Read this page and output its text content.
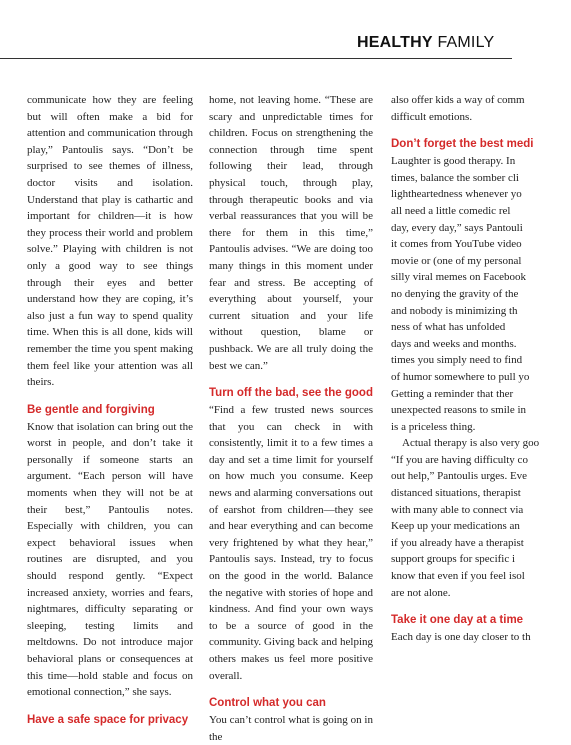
HEALTHY FAMILY

communicate how they are feeling but will often make a bid for attention and communication through play,” Pantoulis says. “Don’t be surprised to see themes of illness, doctor visits and isolation. Understand that play is cathartic and important for children—it is how they process their world and problem solve.” Playing with children is not only a good way to see things through their eyes and better understand how they are coping, it’s also just a fun way to spend quality time. When this is all done, kids will remember the time you spent making them feel like your attention was all theirs.

Be gentle and forgiving

Know that isolation can bring out the worst in people, and don’t take it personally if someone starts an argument. “Each person will have moments when they will not be at their best,” Pantoulis notes. Especially with children, you can expect behavioral issues when routines are disrupted, and you should respond gently. “Expect increased anxiety, worries and fears, nightmares, difficulty separating or sleeping, testing limits and meltdowns. Do not introduce major behavioral plans or consequences at this time—hold stable and focus on emotional connection,” she says.

Have a safe space for privacy

home, not leaving home. “These are scary and unpredictable times for children. Focus on strengthening the connection through time spent following their lead, through physical touch, through play, through therapeutic books and via verbal reassurances that you will be there for them in this time,” Pantoulis advises. “We are doing too many things in this moment under fear and stress. Be accepting of everything about yourself, your current situation and your life without question, blame or pushback. We are all truly doing the best we can.”

Turn off the bad, see the good

“Find a few trusted news sources that you can check in with consistently, limit it to a few times a day and set a time limit for yourself on how much you consume. Keep news and alarming conversations out of earshot from children—they see and hear everything and can become very frightened by what they hear,” Pantoulis says. Instead, try to focus on the good in the world. Balance the negative with stories of hope and kindness. And find your own ways to be a source of good in the community. Giving back and helping others makes us feel more positive overall.

Control what you can

You can’t control what is going on in the

also offer kids a way of comm
difficult emotions.

Don’t forget the best medi

Laughter is good therapy. In
times, balance the somber cli
lightheartedness whenever yo
all need a little comedic rel
day, every day,” says Pantouli
it comes from YouTube video
movie or (one of my personal
silly viral memes on Facebook
no denying the gravity of the
and nobody is minimizing th
ness of what has unfolded
days and weeks and months.
times you simply need to find
of humor somewhere to pull yo
Getting a reminder that ther
unexpected reasons to smile in
is a priceless thing.

Actual therapy is also very goo
“If you are having difficulty co
out help,” Pantoulis urges. Eve
distanced situations, therapist
with many able to connect via
Keep up your medications an
if you already have a therapist
support groups for specific i
know that even if you feel isol
are not alone.

Take it one day at a time

Each day is one day closer to th
